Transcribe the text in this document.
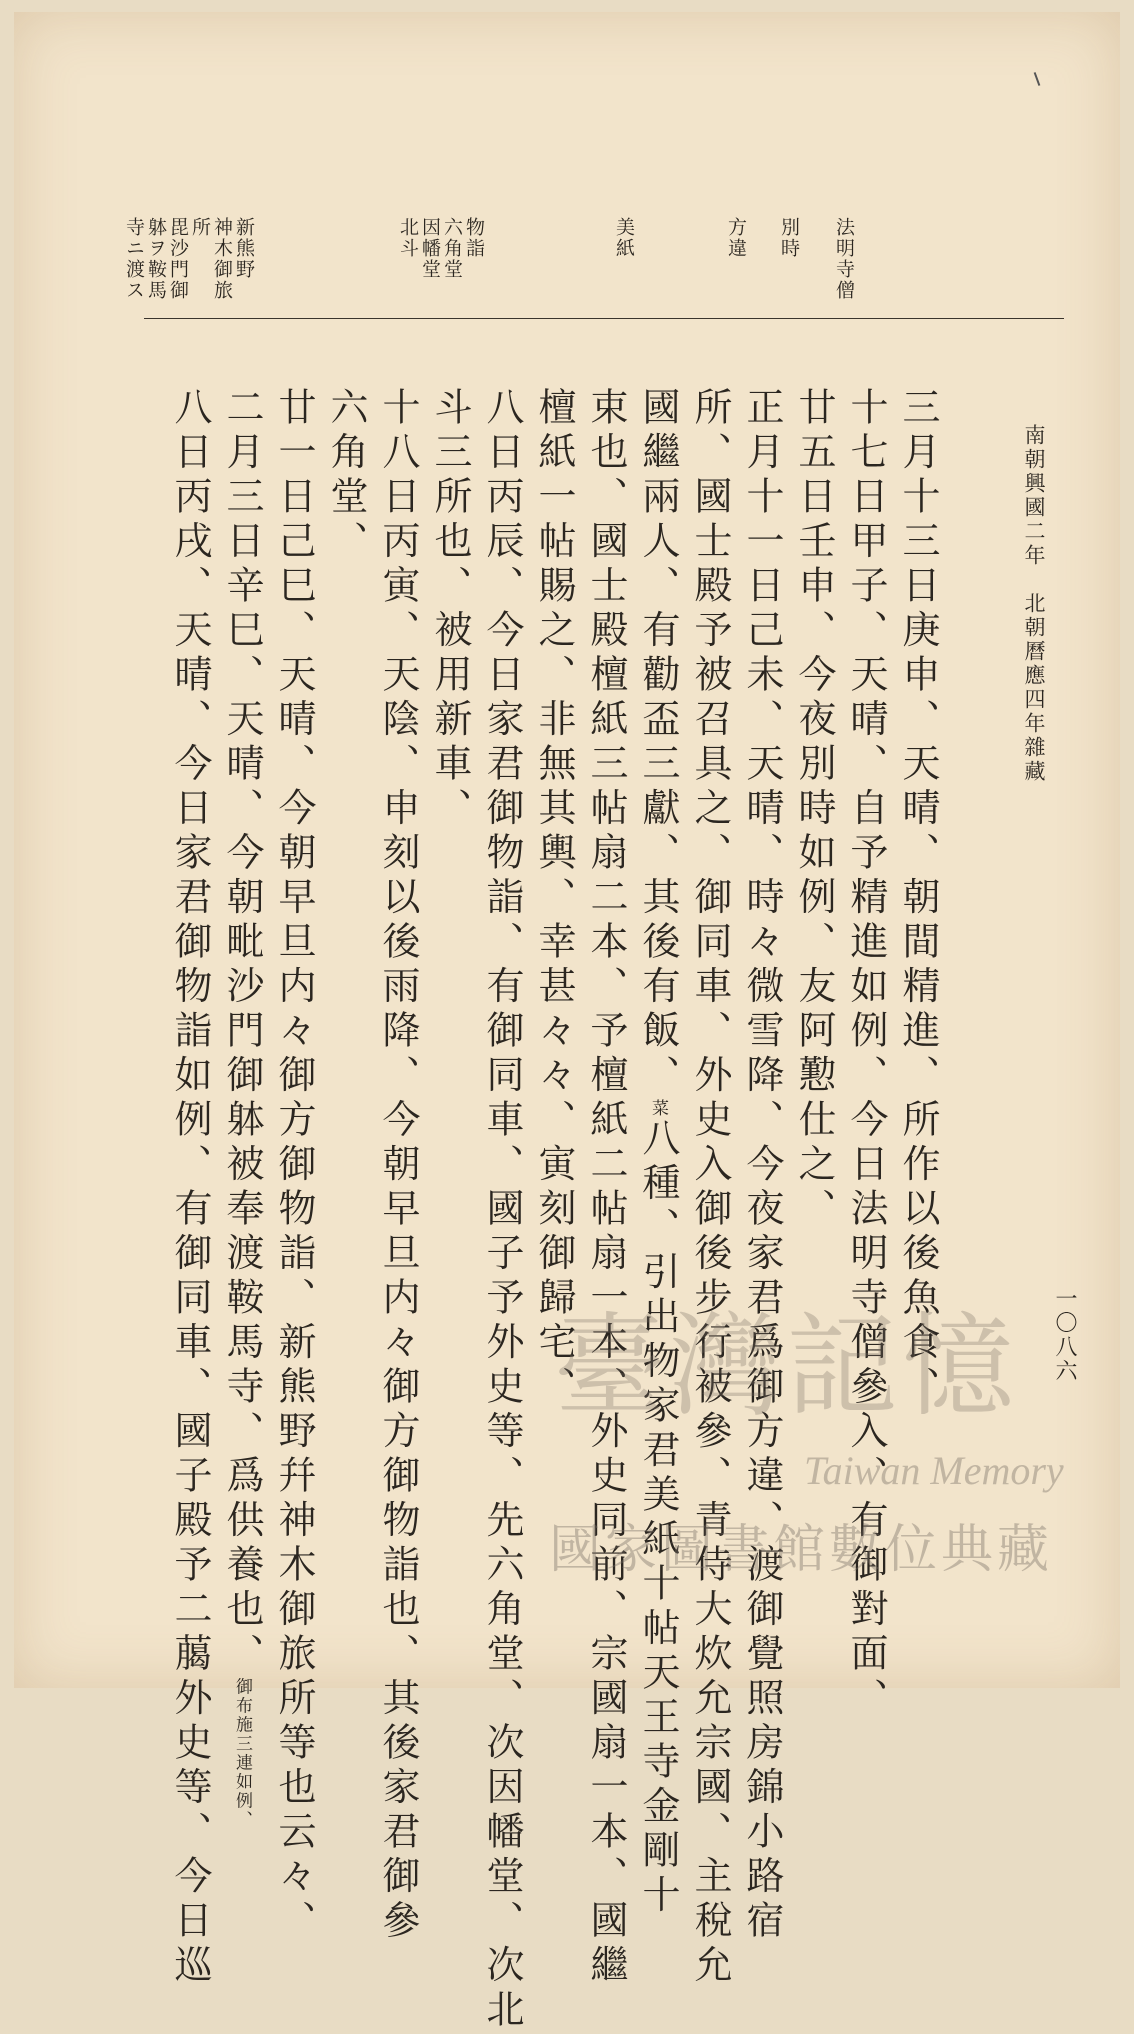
南朝興國二年　北朝曆應四年雜藏
一〇八六
法明寺僧
別時
方違
美紙
物詣
六角堂
因幡堂
北斗
新熊野
神木御旅
所
毘沙門御
躰ヲ鞍馬
寺ニ渡ス
三月十三日庚申、天晴、朝間精進、所作以後魚食、
十七日甲子、天晴、自予精進如例、今日法明寺僧參入、有御對面、
廿五日壬申、今夜別時如例、友阿懃仕之、
正月十一日己未、天晴、時々微雪降、今夜家君爲御方違、渡御覺照房錦小路宿
所、國士殿予被召具之、御同車、外史入御後步行被參、青侍大炊允宗國、主稅允
國繼兩人、有勸盃三獻、其後有飯、菜八種、引出物家君美紙十帖天王寺金剛十
束也、國士殿檀紙三帖扇二本、予檀紙二帖扇一本、外史同前、宗國扇一本、國繼
檀紙一帖賜之、非無其輿、幸甚々々、寅刻御歸宅、
八日丙辰、今日家君御物詣、有御同車、國子予外史等、先六角堂、次因幡堂、次北
斗三所也、被用新車、
十八日丙寅、天陰、申刻以後雨降、今朝早旦内々御方御物詣也、其後家君御參
六角堂、
廿一日己巳、天晴、今朝早旦内々御方御物詣、新熊野幷神木御旅所等也云々、
二月三日辛巳、天晴、今朝毗沙門御躰被奉渡鞍馬寺、爲供養也、御布施三連如例、
八日丙戌、天晴、今日家君御物詣如例、有御同車、國子殿予二﨟外史等、今日巡	臺灣記憶
Taiwan Memory
國家圖書館數位典藏
